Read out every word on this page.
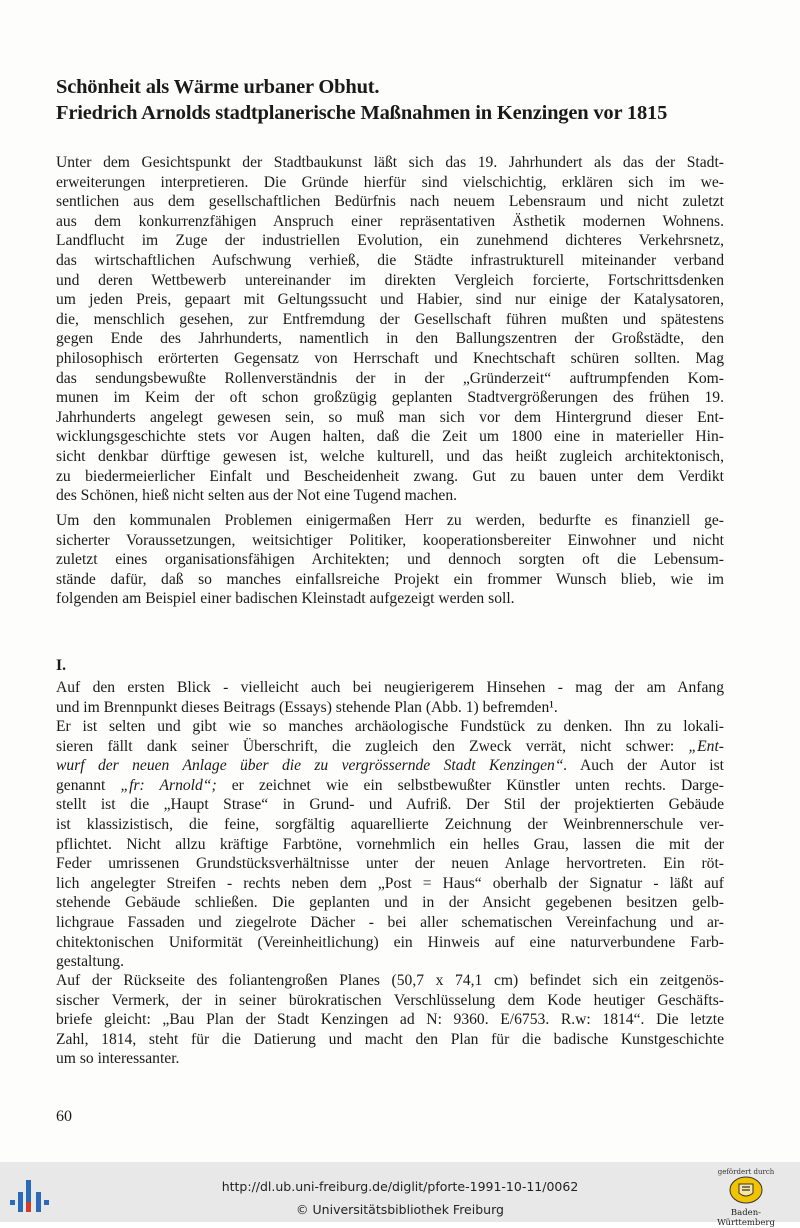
Schönheit als Wärme urbaner Obhut.
Friedrich Arnolds stadtplanerische Maßnahmen in Kenzingen vor 1815
Unter dem Gesichtspunkt der Stadtbaukunst läßt sich das 19. Jahrhundert als das der Stadt-
erweiterungen interpretieren. Die Gründe hierfür sind vielschichtig, erklären sich im we-
sentlichen aus dem gesellschaftlichen Bedürfnis nach neuem Lebensraum und nicht zuletzt
aus dem konkurrenzfähigen Anspruch einer repräsentativen Ästhetik modernen Wohnens.
Landflucht im Zuge der industriellen Evolution, ein zunehmend dichteres Verkehrsnetz,
das wirtschaftlichen Aufschwung verhieß, die Städte infrastrukturell miteinander verband
und deren Wettbewerb untereinander im direkten Vergleich forcierte, Fortschrittsdenken
um jeden Preis, gepaart mit Geltungssucht und Habier, sind nur einige der Katalysatoren,
die, menschlich gesehen, zur Entfremdung der Gesellschaft führen mußten und spätestens
gegen Ende des Jahrhunderts, namentlich in den Ballungszentren der Großstädte, den
philosophisch erörterten Gegensatz von Herrschaft und Knechtschaft schüren sollten. Mag
das sendungsbewußte Rollenverständnis der in der „Gründerzeit“ auftrumpfenden Kom-
munen im Keim der oft schon großzügig geplanten Stadtvergrößerungen des frühen 19.
Jahrhunderts angelegt gewesen sein, so muß man sich vor dem Hintergrund dieser Ent-
wicklungsgeschichte stets vor Augen halten, daß die Zeit um 1800 eine in materieller Hin-
sicht denkbar dürftige gewesen ist, welche kulturell, und das heißt zugleich architektonisch,
zu biedermeierlicher Einfalt und Bescheidenheit zwang. Gut zu bauen unter dem Verdikt
des Schönen, hieß nicht selten aus der Not eine Tugend machen.
Um den kommunalen Problemen einigermaßen Herr zu werden, bedurfte es finanziell ge-
sicherter Voraussetzungen, weitsichtiger Politiker, kooperationsbereiter Einwohner und nicht
zuletzt eines organisationsfähigen Architekten; und dennoch sorgten oft die Lebensum-
stände dafür, daß so manches einfallsreiche Projekt ein frommer Wunsch blieb, wie im
folgenden am Beispiel einer badischen Kleinstadt aufgezeigt werden soll.
I.
Auf den ersten Blick - vielleicht auch bei neugierigerem Hinsehen - mag der am Anfang
und im Brennpunkt dieses Beitrags (Essays) stehende Plan (Abb. 1) befremden¹.
Er ist selten und gibt wie so manches archäologische Fundstück zu denken. Ihn zu lokali-
sieren fällt dank seiner Überschrift, die zugleich den Zweck verrät, nicht schwer: „Ent-
wurf der neuen Anlage über die zu vergrössernde Stadt Kenzingen“. Auch der Autor ist
genannt „fr: Arnold“; er zeichnet wie ein selbstbewußter Künstler unten rechts. Darge-
stellt ist die „Haupt Strase“ in Grund- und Aufriß. Der Stil der projektierten Gebäude
ist klassizistisch, die feine, sorgfältig aquarellierte Zeichnung der Weinbrennerschule ver-
pflichtet. Nicht allzu kräftige Farbtöne, vornehmlich ein helles Grau, lassen die mit der
Feder umrissenen Grundstücksverhältnisse unter der neuen Anlage hervortreten. Ein röt-
lich angelegter Streifen - rechts neben dem „Post = Haus“ oberhalb der Signatur - läßt auf
stehende Gebäude schließen. Die geplanten und in der Ansicht gegebenen besitzen gelb-
lichgraue Fassaden und ziegelrote Dächer - bei aller schematischen Vereinfachung und ar-
chitektonischen Uniformität (Vereinheitlichung) ein Hinweis auf eine naturverbundene Farb-
gestaltung.
Auf der Rückseite des foliantengroßen Planes (50,7 x 74,1 cm) befindet sich ein zeitgenös-
sischer Vermerk, der in seiner bürokratischen Verschlüsselung dem Kode heutiger Geschäfts-
briefe gleicht: „Bau Plan der Stadt Kenzingen ad N: 9360. E/6753. R.w: 1814“. Die letzte
Zahl, 1814, steht für die Datierung und macht den Plan für die badische Kunstgeschichte
um so interessanter.
60
http://dl.ub.uni-freiburg.de/diglit/pforte-1991-10-11/0062
© Universitätsbibliothek Freiburg
gefördert durch
Baden-Württemberg
